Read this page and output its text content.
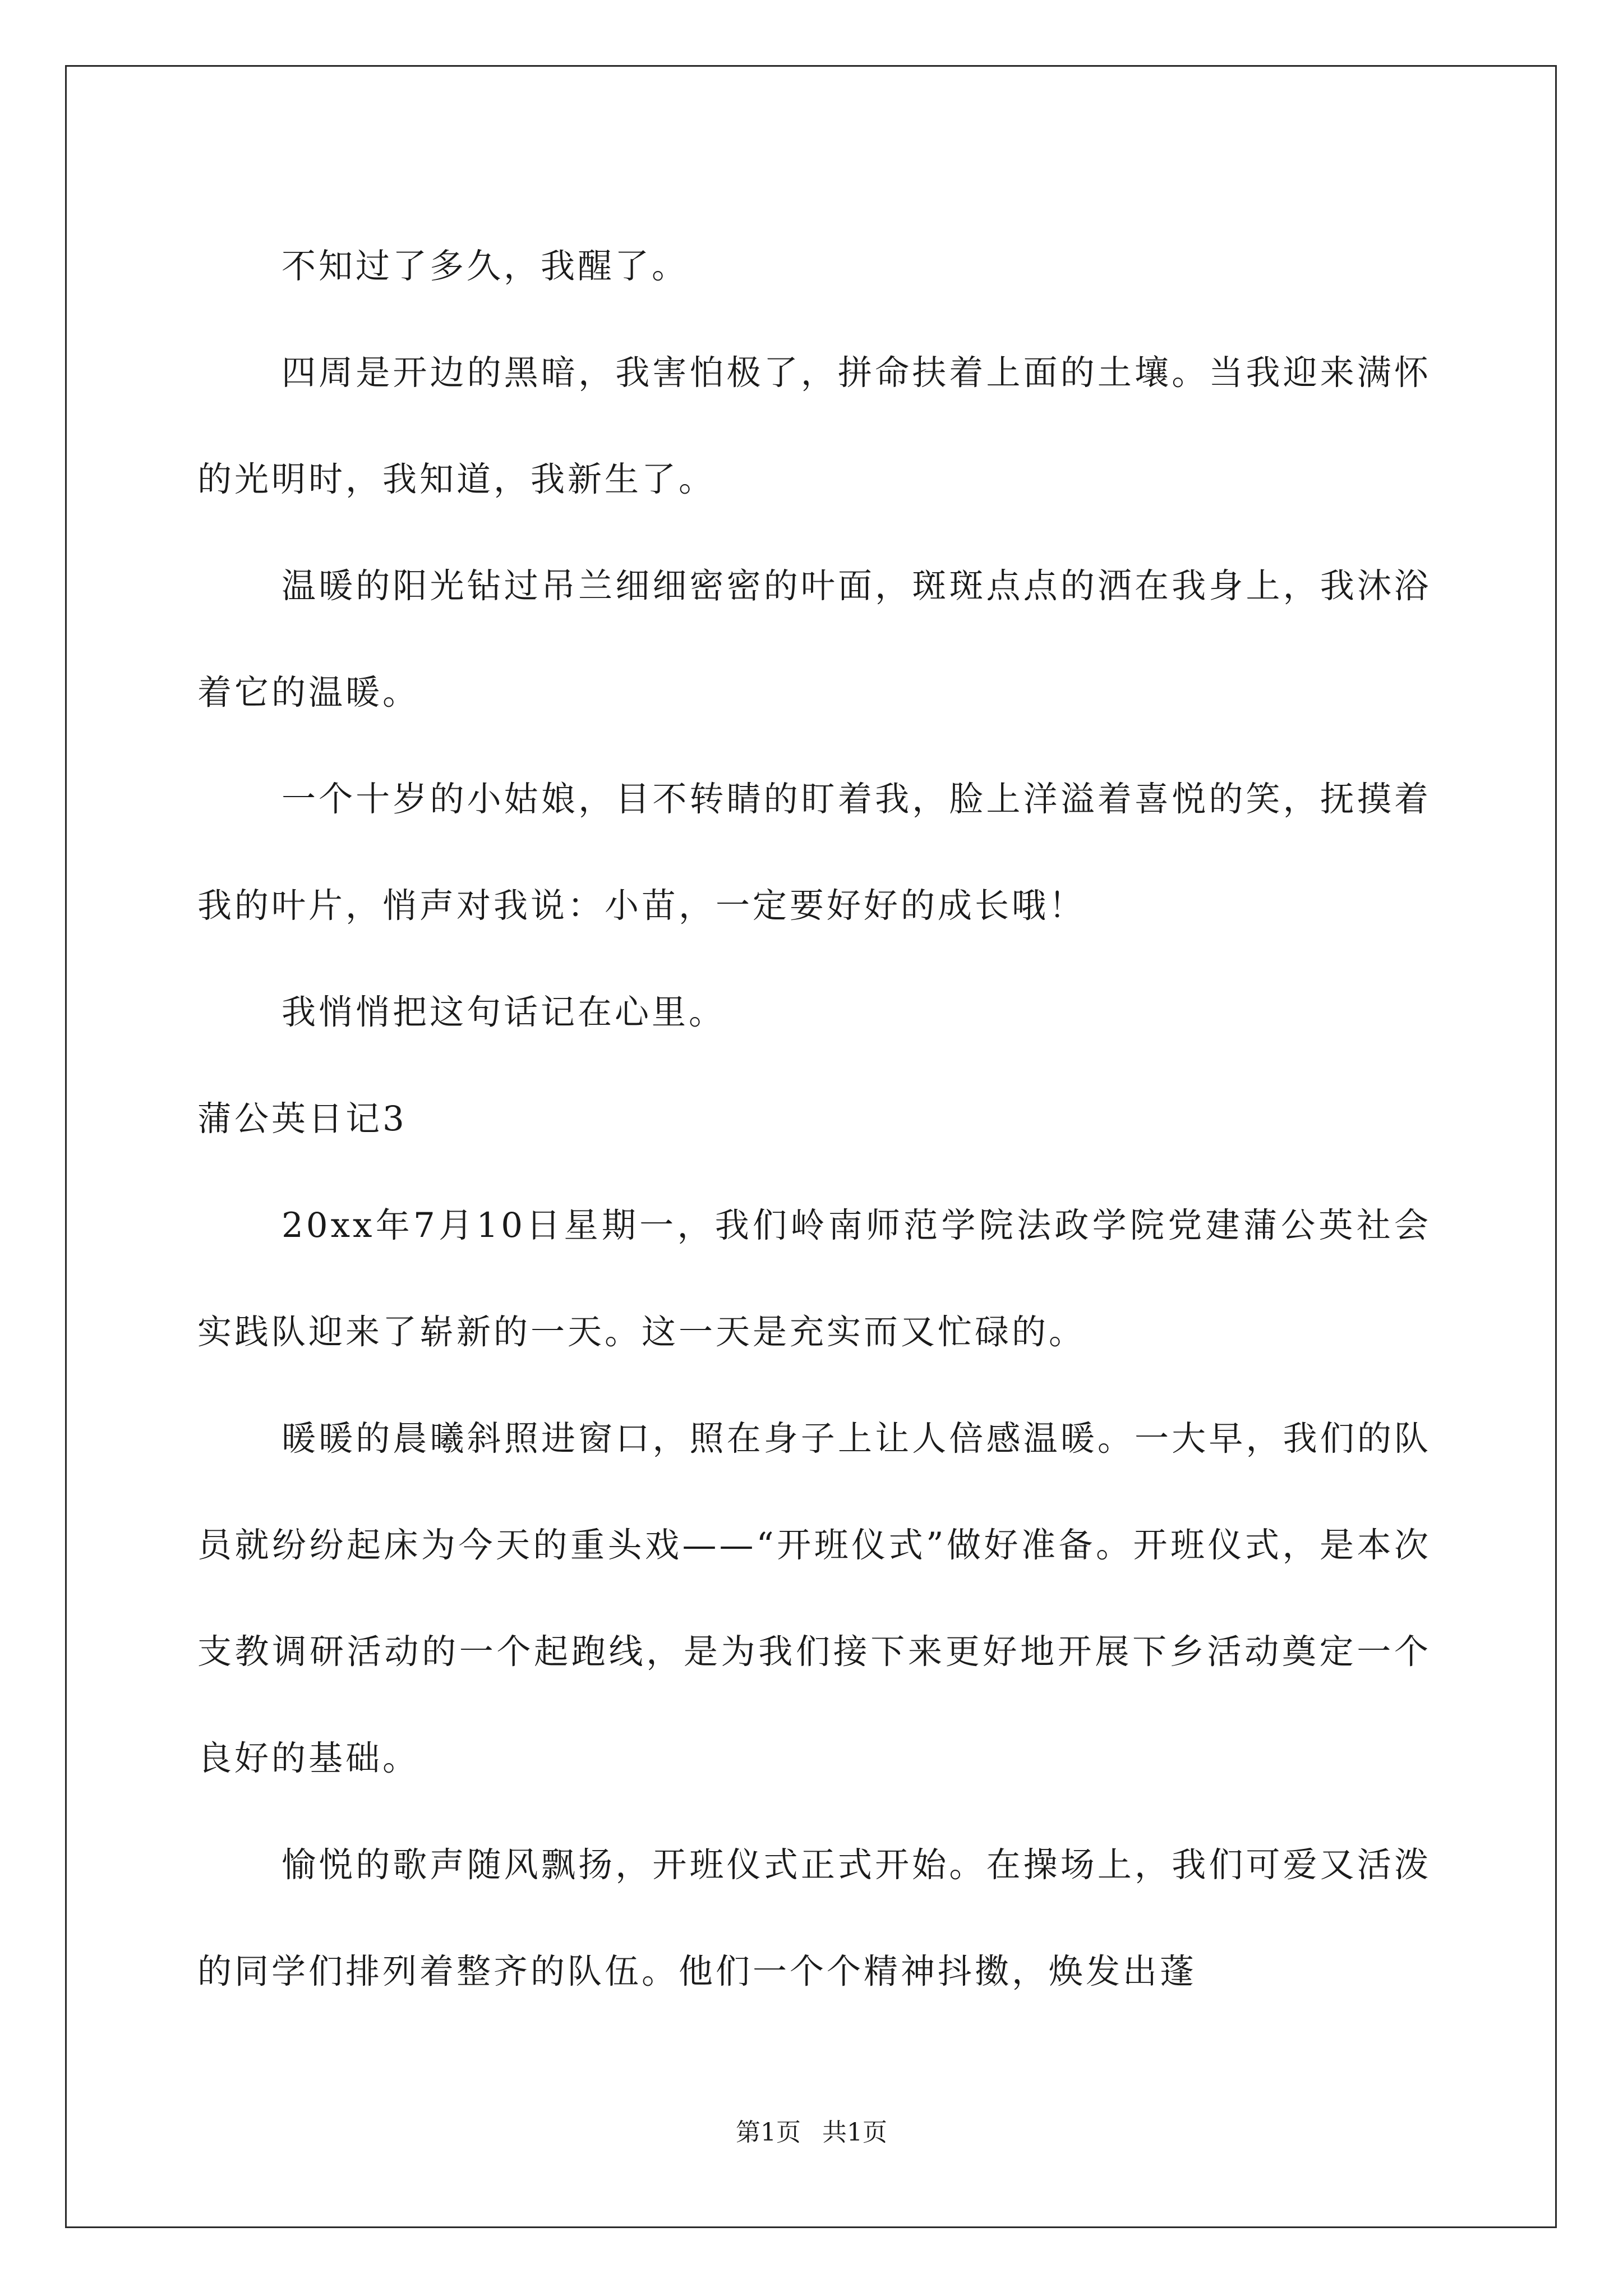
不知过了多久，我醒了。

四周是开边的黑暗，我害怕极了，拼命扶着上面的土壤。当我迎来满怀的光明时，我知道，我新生了。

温暖的阳光钻过吊兰细细密密的叶面，斑斑点点的洒在我身上，我沐浴着它的温暖。

一个十岁的小姑娘，目不转睛的盯着我，脸上洋溢着喜悦的笑，抚摸着我的叶片，悄声对我说：小苗，一定要好好的成长哦！

我悄悄把这句话记在心里。

蒲公英日记3

20xx年7月10日星期一，我们岭南师范学院法政学院党建蒲公英社会实践队迎来了崭新的一天。这一天是充实而又忙碌的。

暖暖的晨曦斜照进窗口，照在身子上让人倍感温暖。一大早，我们的队员就纷纷起床为今天的重头戏——“开班仪式”做好准备。开班仪式，是本次支教调研活动的一个起跑线，是为我们接下来更好地开展下乡活动奠定一个良好的基础。

愉悦的歌声随风飘扬，开班仪式正式开始。在操场上，我们可爱又活泼的同学们排列着整齐的队伍。他们一个个精神抖擞，焕发出蓬

第1页 共1页
